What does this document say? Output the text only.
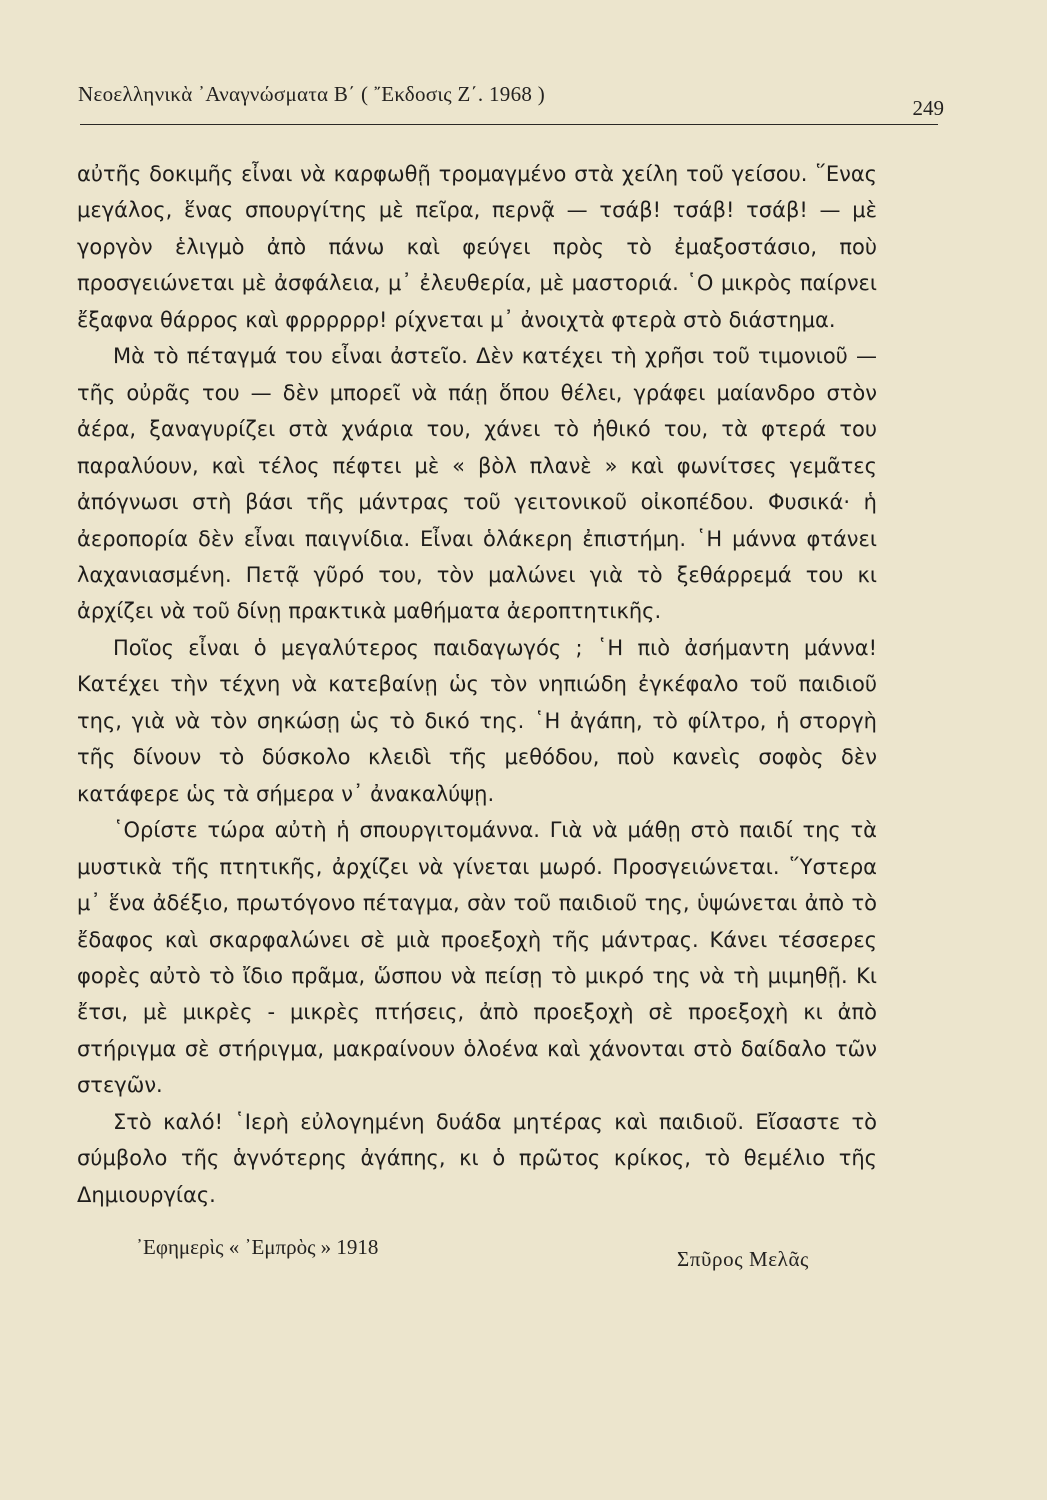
Νεοελληνικὰ ᾿Αναγνώσματα Β΄ ( ῎Εκδοσις Ζ΄. 1968 )
249

αὐτῆς δοκιμῆς εἶναι νὰ καρφωθῇ τρομαγμένο στὰ χείλη τοῦ γείσου. ῞Ενας μεγάλος, ἕνας σπουργίτης μὲ πεῖρα, περνᾷ — τσάβ! τσάβ! τσάβ! — μὲ γοργὸν ἑλιγμὸ ἀπὸ πάνω καὶ φεύγει πρὸς τὸ ἐμαξοστάσιο, ποὺ προσγειώνεται μὲ ἀσφάλεια, μ᾿ ἐλευθερία, μὲ μαστοριά. ῾Ο μικρὸς παίρνει ἔξαφνα θάρρος καὶ φρρρρρρ! ρίχνεται μ᾿ ἀνοιχτὰ φτερὰ στὸ διάστημα.

Μὰ τὸ πέταγμά του εἶναι ἀστεῖο. Δὲν κατέχει τὴ χρῆσι τοῦ τιμονιοῦ — τῆς οὐρᾶς του — δὲν μπορεῖ νὰ πάῃ ὅπου θέλει, γράφει μαίανδρο στὸν ἀέρα, ξαναγυρίζει στὰ χνάρια του, χάνει τὸ ἠθικό του, τὰ φτερά του παραλύουν, καὶ τέλος πέφτει μὲ « βὸλ πλανὲ » καὶ φωνίτσες γεμᾶτες ἀπόγνωσι στὴ βάσι τῆς μάντρας τοῦ γειτονικοῦ οἰκοπέδου. Φυσικά· ἡ ἀεροπορία δὲν εἶναι παιγνίδια. Εἶναι ὁλάκερη ἐπιστήμη. ῾Η μάννα φτάνει λαχανιασμένη. Πετᾷ γῦρό του, τὸν μαλώνει γιὰ τὸ ξεθάρρεμά του κι ἀρχίζει νὰ τοῦ δίνῃ πρακτικὰ μαθήματα ἀεροπτητικῆς.

Ποῖος εἶναι ὁ μεγαλύτερος παιδαγωγός ; ῾Η πιὸ ἀσήμαντη μάννα! Κατέχει τὴν τέχνη νὰ κατεβαίνῃ ὡς τὸν νηπιώδη ἐγκέφαλο τοῦ παιδιοῦ της, γιὰ νὰ τὸν σηκώσῃ ὡς τὸ δικό της. ῾Η ἀγάπη, τὸ φίλτρο, ἡ στοργὴ τῆς δίνουν τὸ δύσκολο κλειδὶ τῆς μεθόδου, ποὺ κανεὶς σοφὸς δὲν κατάφερε ὡς τὰ σήμερα ν᾿ ἀνακαλύψῃ.

῾Ορίστε τώρα αὐτὴ ἡ σπουργιτομάννα. Γιὰ νὰ μάθῃ στὸ παιδί της τὰ μυστικὰ τῆς πτητικῆς, ἀρχίζει νὰ γίνεται μωρό. Προσγειώνεται. ῞Υστερα μ᾿ ἕνα ἀδέξιο, πρωτόγονο πέταγμα, σὰν τοῦ παιδιοῦ της, ὑψώνεται ἀπὸ τὸ ἔδαφος καὶ σκαρφαλώνει σὲ μιὰ προεξοχὴ τῆς μάντρας. Κάνει τέσσερες φορὲς αὐτὸ τὸ ἴδιο πρᾶμα, ὥσπου νὰ πείσῃ τὸ μικρό της νὰ τὴ μιμηθῇ. Κι ἔτσι, μὲ μικρὲς - μικρὲς πτήσεις, ἀπὸ προεξοχὴ σὲ προεξοχὴ κι ἀπὸ στήριγμα σὲ στήριγμα, μακραίνουν ὁλοένα καὶ χάνονται στὸ δαίδαλο τῶν στεγῶν.

Στὸ καλό! ῾Ιερὴ εὐλογημένη δυάδα μητέρας καὶ παιδιοῦ. Εἴσαστε τὸ σύμβολο τῆς ἁγνότερης ἀγάπης, κι ὁ πρῶτος κρίκος, τὸ θεμέλιο τῆς Δημιουργίας.

᾿Εφημερὶς « ᾿Εμπρὸς » 1918	Σπῦρος Μελᾶς
